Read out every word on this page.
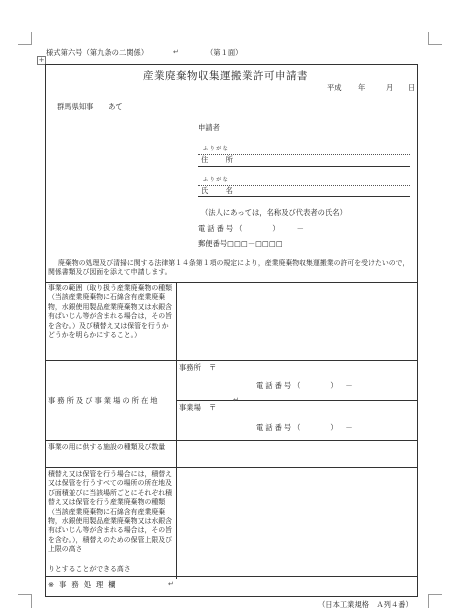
+
様式第六号（第九条の二関係）	（第１面）
産業廃棄物収集運搬業許可申請書
平成 年	月 日
群馬県知事　　あて
申請者
ふりがな
住　所
ふりがな
氏　名
（法人にあっては，名称及び代表者の氏名）
電話番号（　　　）　　－
郵便番号□□□－□□□□
廃棄物の処理及び清掃に関する法律第１４条第１項の規定により，産業廃棄物収集運搬業の許可を受けたいので，関係書類及び図面を添えて申請します。
事業の範囲（取り扱う産業廃棄物の種類（当該産業廃棄物に石綿含有産業廃棄物，水銀使用製品産業廃棄物又は水銀含有ばいじん等が含まれる場合は，その旨を含む。）及び積替え又は保管を行うかどうかを明らかにすること。）
事務所及び事業場の所在地
事務所 〒
電話番号（　　　）　－
事業場 〒
電話番号（　　　）　－
事業の用に供する施設の種類及び数量
積替え又は保管を行う場合には，積替え又は保管を行うすべての場所の所在地及び面積並びに当該場所ごとにそれぞれ積替え又は保管を行う産業廃棄物の種類（当該産業廃棄物に石綿含有産業廃棄物，水銀使用製品産業廃棄物又は水銀含有ばいじん等が含まれる場合は，その旨を含む。），積替えのための保管上限及び上限の高さ
りとすることができる高さ
※事務処理欄
（日本工業規格　Ａ列４番）
↵
↵
↵
